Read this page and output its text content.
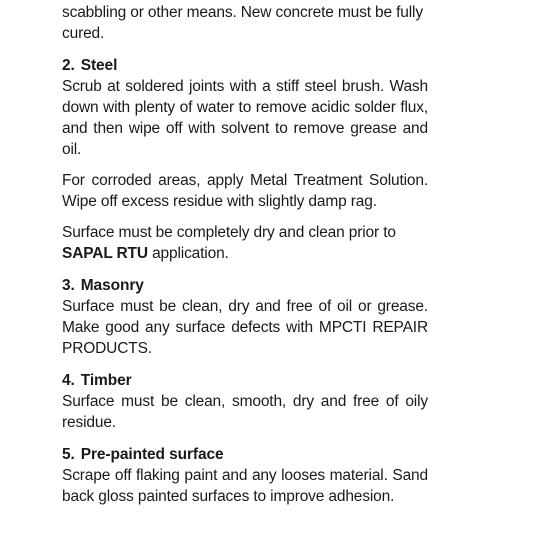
scabbling or other means. New concrete must be fully
cured.

2. Steel

Scrub at soldered joints with a stiff steel brush. Wash down with plenty of water to remove acidic solder flux, and then wipe off with solvent to remove grease and oil.

For corroded areas, apply Metal Treatment Solution. Wipe off excess residue with slightly damp rag.

Surface must be completely dry and clean prior to
SAPAL RTU application.

3. Masonry

Surface must be clean, dry and free of oil or grease. Make good any surface defects with MPCTI REPAIR PRODUCTS.

4. Timber

Surface must be clean, smooth, dry and free of oily residue.

5. Pre-painted surface

Scrape off flaking paint and any looses material. Sand back gloss painted surfaces to improve adhesion.
